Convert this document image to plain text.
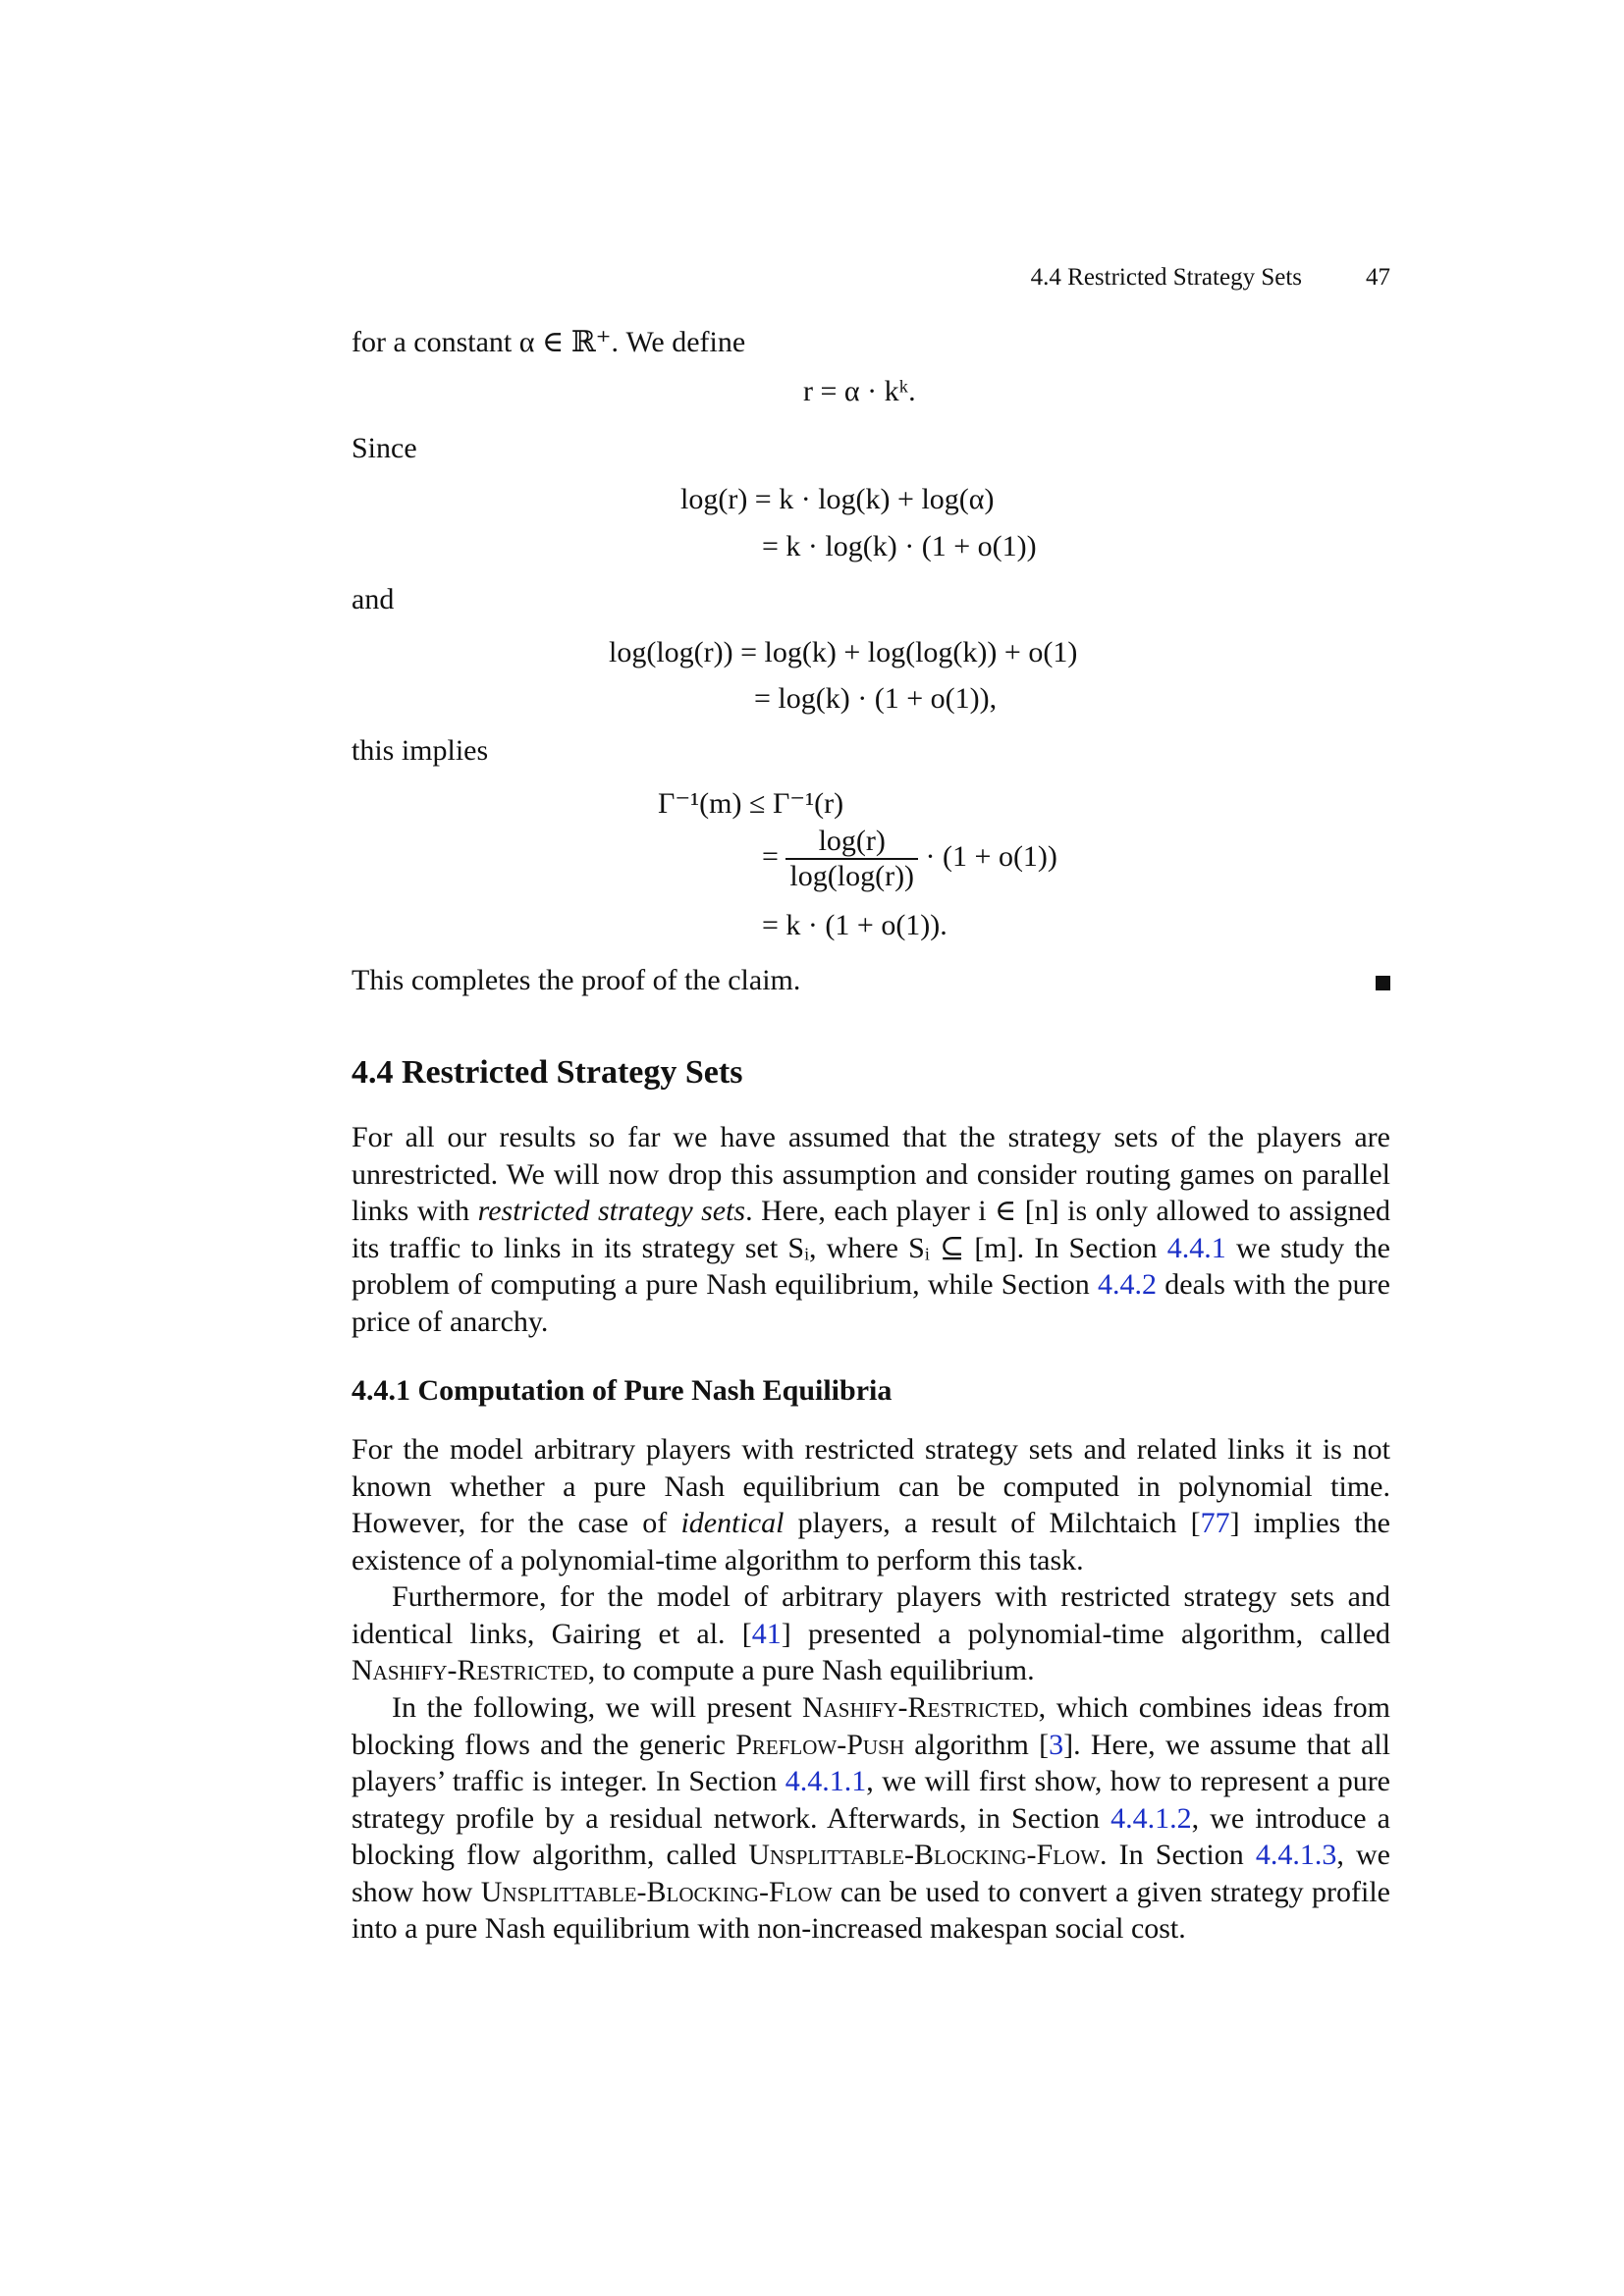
4.4 Restricted Strategy Sets	47
for a constant α ∈ ℝ⁺. We define
r = α · kᵏ.
Since
log(r) = k · log(k) + log(α)
= k · log(k) · (1 + o(1))
and
log(log(r)) = log(k) + log(log(k)) + o(1)
= log(k) · (1 + o(1)),
this implies
Γ⁻¹(m) ≤ Γ⁻¹(r)
= $\frac{\log(r)}{\log(\log(r))} \cdot (1 + o(1))$
= k · (1 + o(1)).
This completes the proof of the claim.
4.4 Restricted Strategy Sets
For all our results so far we have assumed that the strategy sets of the players are unrestricted. We will now drop this assumption and consider routing games on parallel links with restricted strategy sets. Here, each player i ∈ [n] is only allowed to assigned its traffic to links in its strategy set Sᵢ, where Sᵢ ⊆ [m]. In Section 4.4.1 we study the problem of computing a pure Nash equilibrium, while Section 4.4.2 deals with the pure price of anarchy.
4.4.1 Computation of Pure Nash Equilibria
For the model arbitrary players with restricted strategy sets and related links it is not known whether a pure Nash equilibrium can be computed in polynomial time. However, for the case of identical players, a result of Milchtaich [77] implies the existence of a polynomial-time algorithm to perform this task.
Furthermore, for the model of arbitrary players with restricted strategy sets and identical links, Gairing et al. [41] presented a polynomial-time algorithm, called Nashify-Restricted, to compute a pure Nash equilibrium.
In the following, we will present Nashify-Restricted, which combines ideas from blocking flows and the generic Preflow-Push algorithm [3]. Here, we assume that all players’ traffic is integer. In Section 4.4.1.1, we will first show, how to represent a pure strategy profile by a residual network. Afterwards, in Section 4.4.1.2, we introduce a blocking flow algorithm, called Unsplittable-Blocking-Flow. In Section 4.4.1.3, we show how Unsplittable-Blocking-Flow can be used to convert a given strategy profile into a pure Nash equilibrium with non-increased makespan social cost.
